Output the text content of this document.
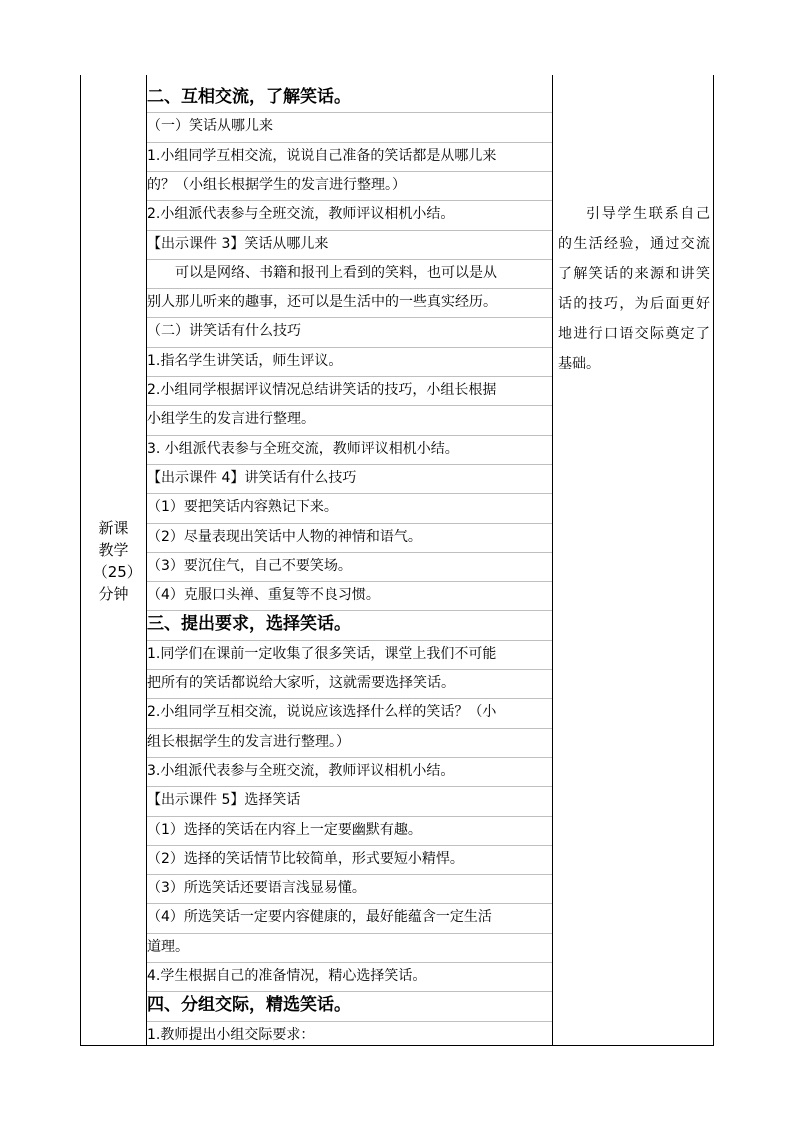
新课教学（25）分钟
二、互相交流，了解笑话。
（一）笑话从哪儿来
1.小组同学互相交流，说说自己准备的笑话都是从哪儿来
的？（小组长根据学生的发言进行整理。）
2.小组派代表参与全班交流，教师评议相机小结。
【出示课件 3】笑话从哪儿来
　　可以是网络、书籍和报刊上看到的笑料，也可以是从
别人那儿听来的趣事，还可以是生活中的一些真实经历。
（二）讲笑话有什么技巧
1.指名学生讲笑话，师生评议。
2.小组同学根据评议情况总结讲笑话的技巧，小组长根据
小组学生的发言进行整理。
3. 小组派代表参与全班交流，教师评议相机小结。
【出示课件 4】讲笑话有什么技巧
（1）要把笑话内容熟记下来。
（2）尽量表现出笑话中人物的神情和语气。
（3）要沉住气，自己不要笑场。
（4）克服口头禅、重复等不良习惯。
三、提出要求，选择笑话。
1.同学们在课前一定收集了很多笑话，课堂上我们不可能
把所有的笑话都说给大家听，这就需要选择笑话。
2.小组同学互相交流，说说应该选择什么样的笑话？（小
组长根据学生的发言进行整理。）
3.小组派代表参与全班交流，教师评议相机小结。
【出示课件 5】选择笑话
（1）选择的笑话在内容上一定要幽默有趣。
（2）选择的笑话情节比较简单，形式要短小精悍。
（3）所选笑话还要语言浅显易懂。
（4）所选笑话一定要内容健康的，最好能蕴含一定生活
道理。
4.学生根据自己的准备情况，精心选择笑话。
四、分组交际，精选笑话。
1.教师提出小组交际要求：
引导学生联系自己的生活经验，通过交流了解笑话的来源和讲笑话的技巧，为后面更好地进行口语交际奠定了基础。
